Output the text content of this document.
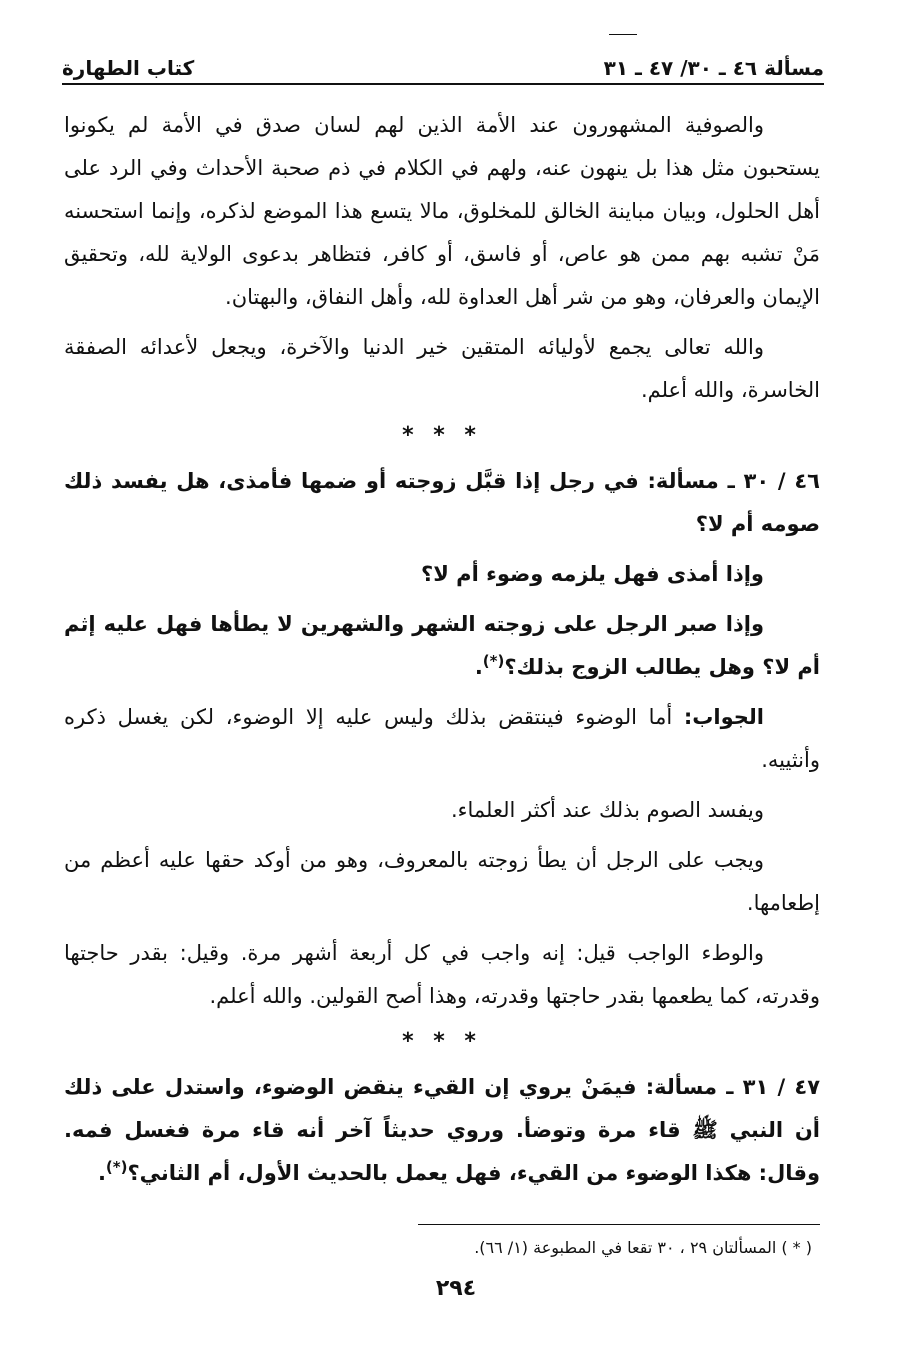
مسألة ٤٦ ـ ٣٠/ ٤٧ ـ ٣١
كتاب الطهارة

والصوفية المشهورون عند الأمة الذين لهم لسان صدق في الأمة لم يكونوا يستحبون مثل هذا بل ينهون عنه، ولهم في الكلام في ذم صحبة الأحداث وفي الرد على أهل الحلول، وبيان مباينة الخالق للمخلوق، مالا يتسع هذا الموضع لذكره، وإنما استحسنه مَنْ تشبه بهم ممن هو عاص، أو فاسق، أو كافر، فتظاهر بدعوى الولاية لله، وتحقيق الإيمان والعرفان، وهو من شر أهل العداوة لله، وأهل النفاق، والبهتان.

والله تعالى يجمع لأوليائه المتقين خير الدنيا والآخرة، ويجعل لأعدائه الصفقة الخاسرة، والله أعلم.

* * *

٤٦ / ٣٠ ـ مسألة: في رجل إذا قبَّل زوجته أو ضمها فأمذى، هل يفسد ذلك صومه أم لا؟

وإذا أمذى فهل يلزمه وضوء أم لا؟

وإذا صبر الرجل على زوجته الشهر والشهرين لا يطأها فهل عليه إثم أم لا؟ وهل يطالب الزوج بذلك؟(*).

الجواب: أما الوضوء فينتقض بذلك وليس عليه إلا الوضوء، لكن يغسل ذكره وأنثييه.

ويفسد الصوم بذلك عند أكثر العلماء.

ويجب على الرجل أن يطأ زوجته بالمعروف، وهو من أوكد حقها عليه أعظم من إطعامها.

والوطء الواجب قيل: إنه واجب في كل أربعة أشهر مرة. وقيل: بقدر حاجتها وقدرته، كما يطعمها بقدر حاجتها وقدرته، وهذا أصح القولين. والله أعلم.

* * *

٤٧ / ٣١ ـ مسألة: فيمَنْ يروي إن القيء ينقض الوضوء، واستدل على ذلك أن النبي ﷺ قاء مرة وتوضأ. وروي حديثاً آخر أنه قاء مرة فغسل فمه. وقال: هكذا الوضوء من القيء، فهل يعمل بالحديث الأول، أم الثاني؟(*).

( * ) المسألتان ٢٩ ، ٣٠ تقعا في المطبوعة (١/ ٦٦).
٢٩٤
